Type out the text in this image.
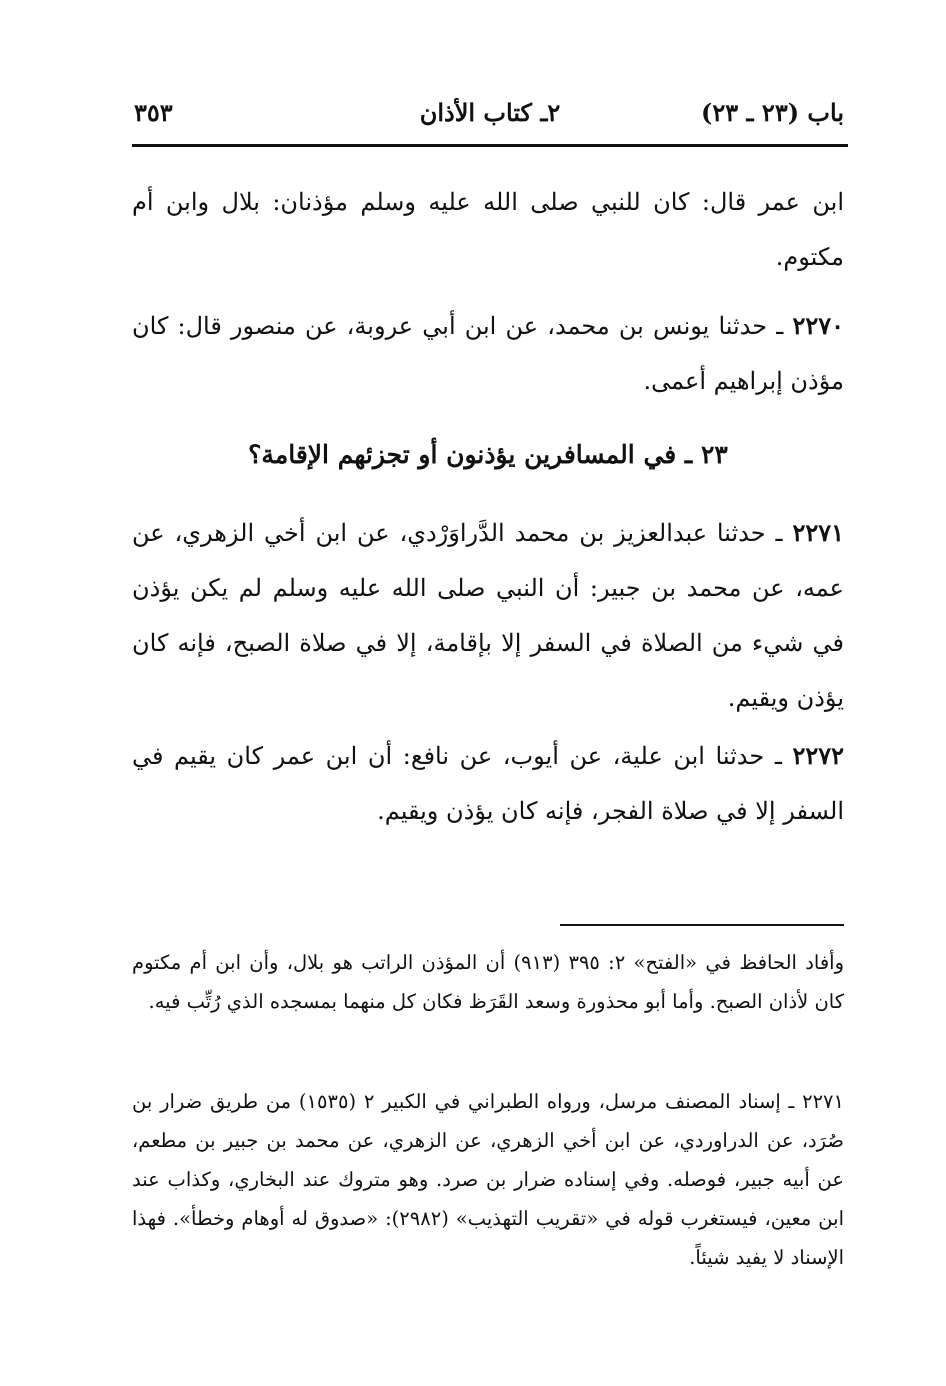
باب (٢٣ ـ ٢٣)
٢ـ كتاب الأذان
٣٥٣
ابن عمر قال: كان للنبي صلى الله عليه وسلم مؤذنان: بلال وابن أم مكتوم.
٢٢٧٠ ـ حدثنا يونس بن محمد، عن ابن أبي عروبة، عن منصور قال: كان مؤذن إبراهيم أعمى.
٢٣ ـ في المسافرين يؤذنون أو تجزئهم الإقامة؟
٢٢٧١ ـ حدثنا عبدالعزيز بن محمد الدَّراوَرْدي، عن ابن أخي الزهري، عن عمه، عن محمد بن جبير: أن النبي صلى الله عليه وسلم لم يكن يؤذن في شيء من الصلاة في السفر إلا بإقامة، إلا في صلاة الصبح، فإنه كان يؤذن ويقيم.
٢٢٧٢ ـ حدثنا ابن علية، عن أيوب، عن نافع: أن ابن عمر كان يقيم في السفر إلا في صلاة الفجر، فإنه كان يؤذن ويقيم.
وأفاد الحافظ في «الفتح» ٢: ٣٩٥ (٩١٣) أن المؤذن الراتب هو بلال، وأن ابن أم مكتوم كان لأذان الصبح. وأما أبو محذورة وسعد القَرَظ فكان كل منهما بمسجده الذي رُتِّب فيه.
٢٢٧١ ـ إسناد المصنف مرسل، ورواه الطبراني في الكبير ٢ (١٥٣٥) من طريق ضرار بن صُرَد، عن الدراوردي، عن ابن أخي الزهري، عن الزهري، عن محمد بن جبير بن مطعم، عن أبيه جبير، فوصله. وفي إسناده ضرار بن صرد. وهو متروك عند البخاري، وكذاب عند ابن معين، فيستغرب قوله في «تقريب التهذيب» (٢٩٨٢): «صدوق له أوهام وخطأ». فهذا الإسناد لا يفيد شيئاً.
